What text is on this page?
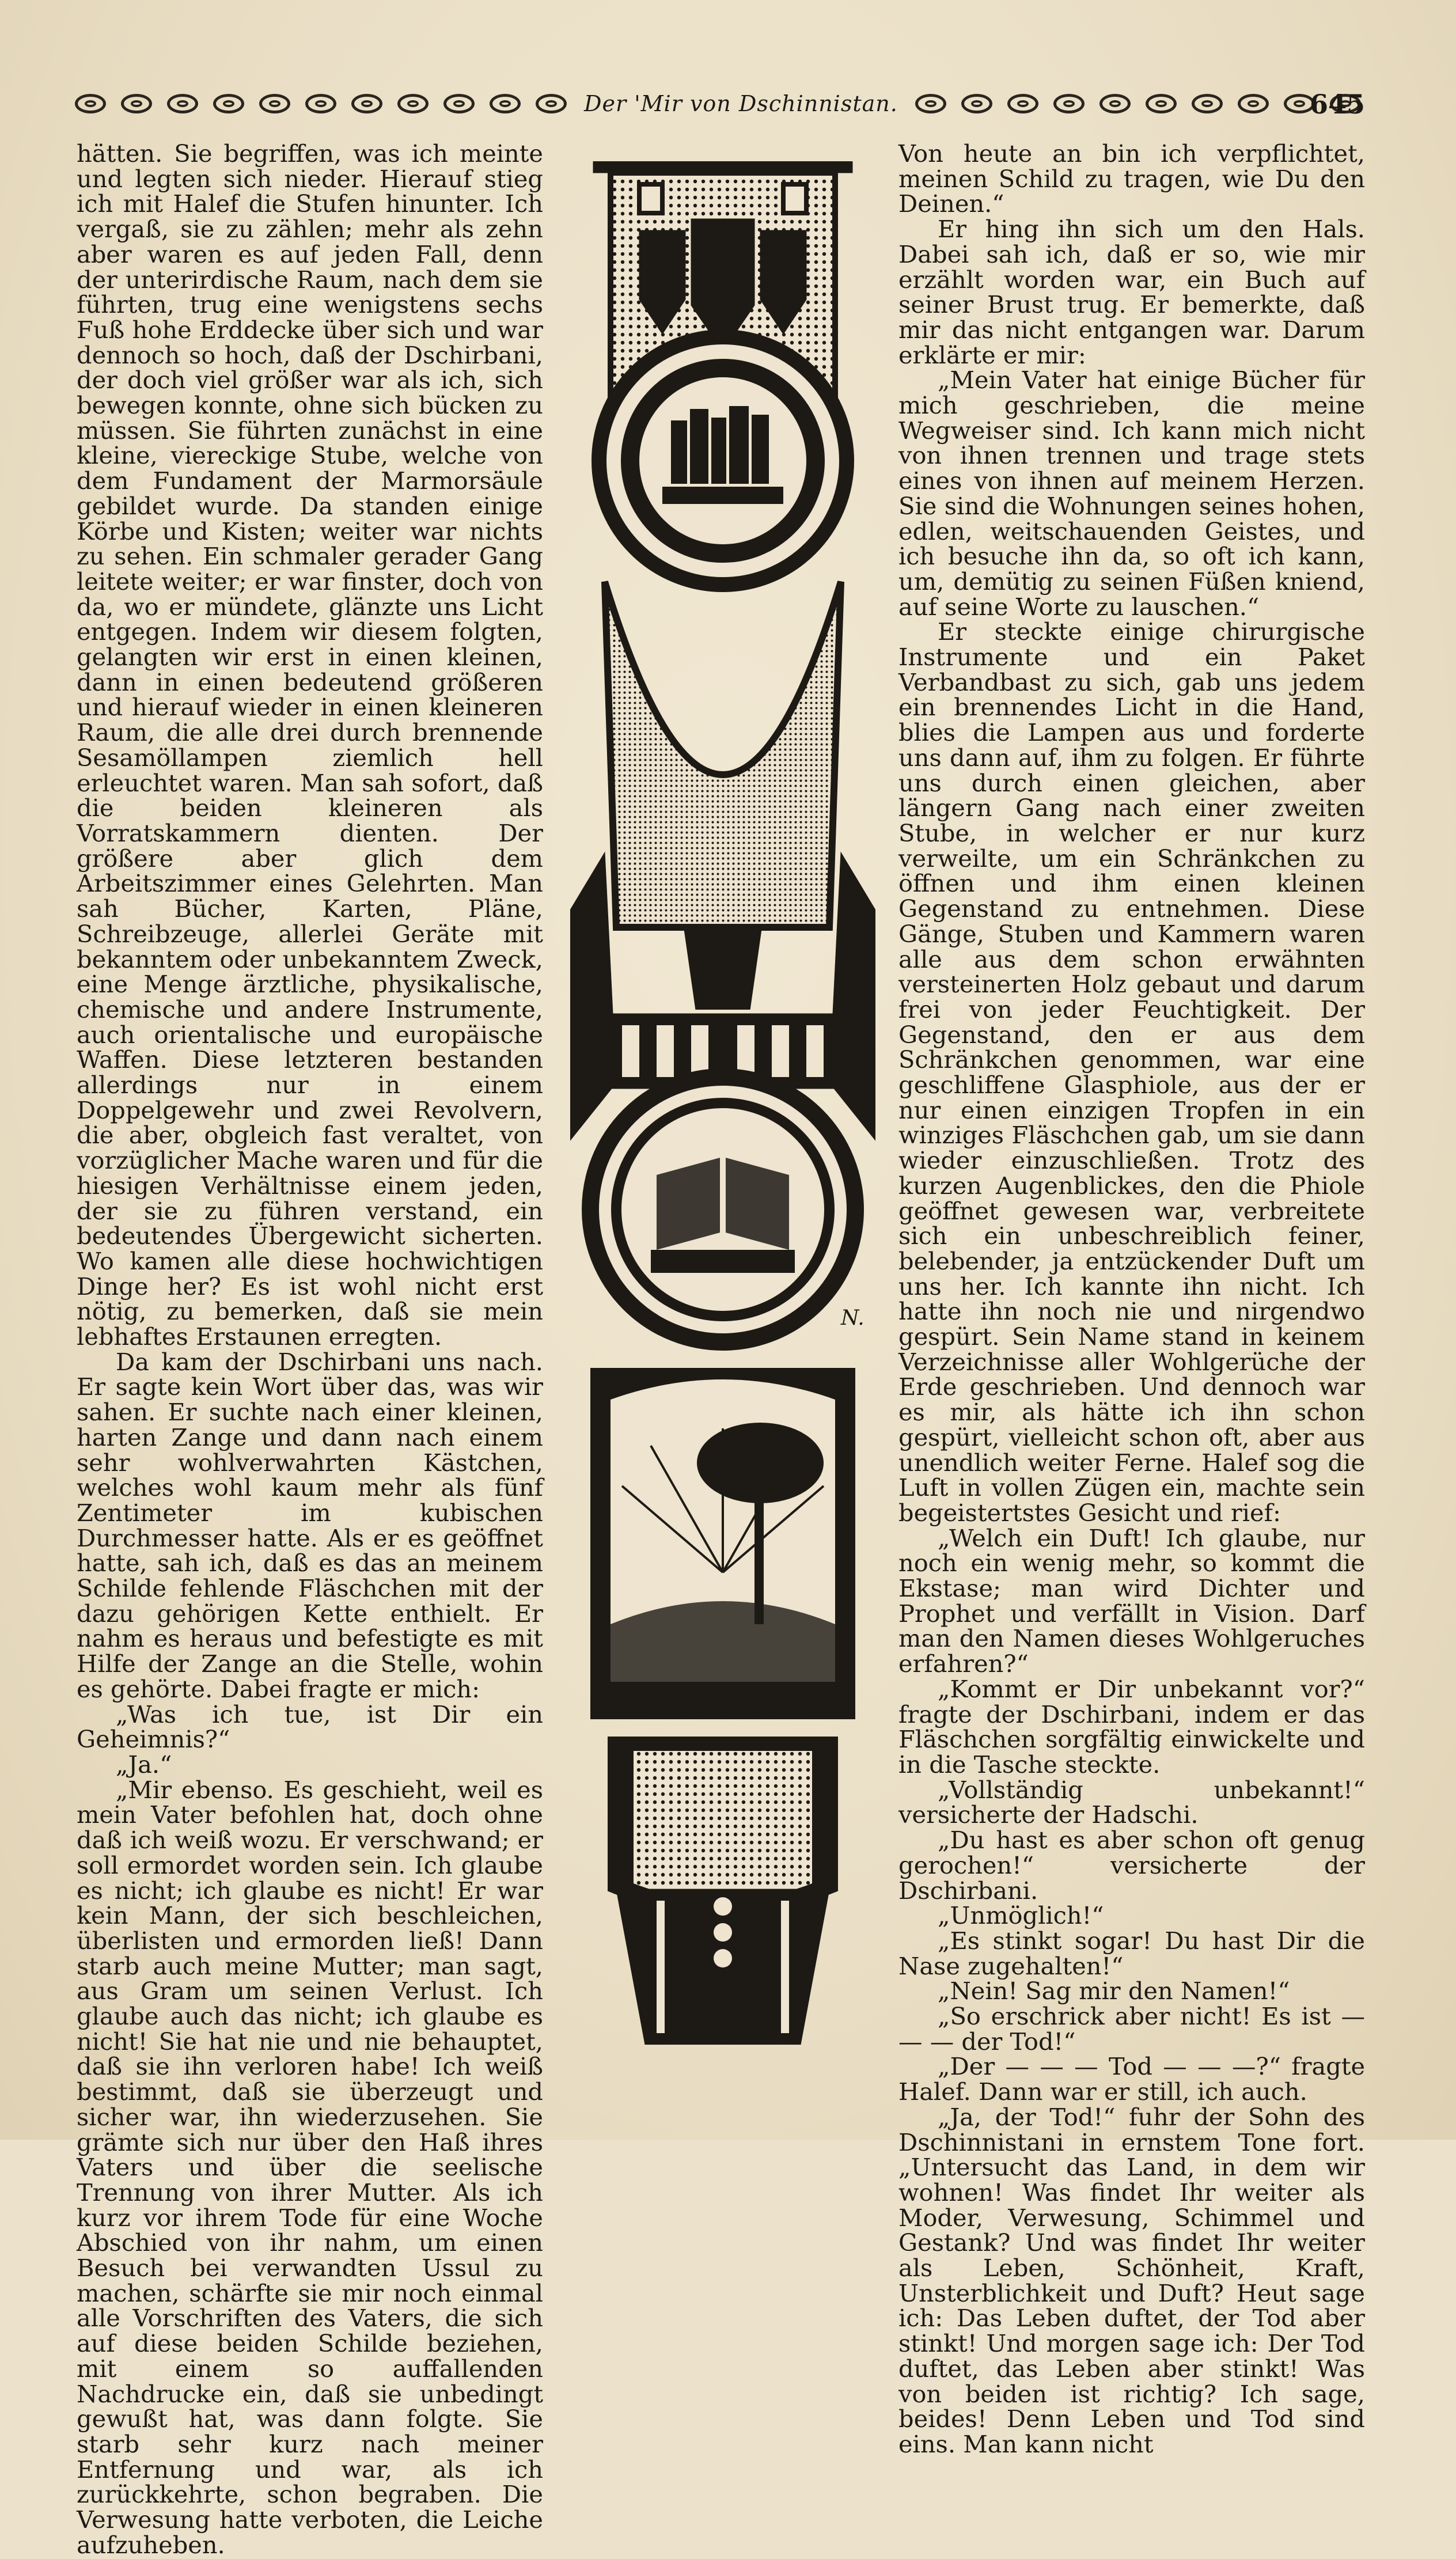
Der 'Mir von Dschinnistan.	645

hätten. Sie begriffen, was ich meinte und legten sich nieder. Hierauf stieg ich mit Halef die Stufen hinunter. Ich vergaß, sie zu zählen; mehr als zehn aber waren es auf jeden Fall, denn der unterirdische Raum, nach dem sie führten, trug eine wenigstens sechs Fuß hohe Erddecke über sich und war dennoch so hoch, daß der Dschirbani, der doch viel größer war als ich, sich bewegen konnte, ohne sich bücken zu müssen. Sie führten zunächst in eine kleine, viereckige Stube, welche von dem Fundament der Marmorsäule gebildet wurde. Da standen einige Körbe und Kisten; weiter war nichts zu sehen. Ein schmaler gerader Gang leitete weiter; er war finster, doch von da, wo er mündete, glänzte uns Licht entgegen. Indem wir diesem folgten, gelangten wir erst in einen kleinen, dann in einen bedeutend größeren und hierauf wieder in einen kleineren Raum, die alle drei durch brennende Sesamöllampen ziemlich hell erleuchtet waren. Man sah sofort, daß die beiden kleineren als Vorratskammern dienten. Der größere aber glich dem Arbeitszimmer eines Gelehrten. Man sah Bücher, Karten, Pläne, Schreibzeuge, allerlei Geräte mit bekanntem oder unbekanntem Zweck, eine Menge ärztliche, physikalische, chemische und andere Instrumente, auch orientalische und europäische Waffen. Diese letzteren bestanden allerdings nur in einem Doppelgewehr und zwei Revolvern, die aber, obgleich fast veraltet, von vorzüglicher Mache waren und für die hiesigen Verhältnisse einem jeden, der sie zu führen verstand, ein bedeutendes Übergewicht sicherten. Wo kamen alle diese hochwichtigen Dinge her? Es ist wohl nicht erst nötig, zu bemerken, daß sie mein lebhaftes Erstaunen erregten.

Da kam der Dschirbani uns nach. Er sagte kein Wort über das, was wir sahen. Er suchte nach einer kleinen, harten Zange und dann nach einem sehr wohlverwahrten Kästchen, welches wohl kaum mehr als fünf Zentimeter im kubischen Durchmesser hatte. Als er es geöffnet hatte, sah ich, daß es das an meinem Schilde fehlende Fläschchen mit der dazu gehörigen Kette enthielt. Er nahm es heraus und befestigte es mit Hilfe der Zange an die Stelle, wohin es gehörte. Dabei fragte er mich:

„Was ich tue, ist Dir ein Geheimnis?“

„Ja.“

„Mir ebenso. Es geschieht, weil es mein Vater befohlen hat, doch ohne daß ich weiß wozu. Er verschwand; er soll ermordet worden sein. Ich glaube es nicht; ich glaube es nicht! Er war kein Mann, der sich beschleichen, überlisten und ermorden ließ! Dann starb auch meine Mutter; man sagt, aus Gram um seinen Verlust. Ich glaube auch das nicht; ich glaube es nicht! Sie hat nie und nie behauptet, daß sie ihn verloren habe! Ich weiß bestimmt, daß sie überzeugt und sicher war, ihn wiederzusehen. Sie grämte sich nur über den Haß ihres Vaters und über die seelische Trennung von ihrer Mutter. Als ich kurz vor ihrem Tode für eine Woche Abschied von ihr nahm, um einen Besuch bei verwandten Ussul zu machen, schärfte sie mir noch einmal alle Vorschriften des Vaters, die sich auf diese beiden Schilde beziehen, mit einem so auffallenden Nachdrucke ein, daß sie unbedingt gewußt hat, was dann folgte. Sie starb sehr kurz nach meiner Entfernung und war, als ich zurückkehrte, schon begraben. Die Verwesung hatte verboten, die Leiche aufzuheben.

N.

Von heute an bin ich verpflichtet, meinen Schild zu tragen, wie Du den Deinen.“

Er hing ihn sich um den Hals. Dabei sah ich, daß er so, wie mir erzählt worden war, ein Buch auf seiner Brust trug. Er bemerkte, daß mir das nicht entgangen war. Darum erklärte er mir:

„Mein Vater hat einige Bücher für mich geschrieben, die meine Wegweiser sind. Ich kann mich nicht von ihnen trennen und trage stets eines von ihnen auf meinem Herzen. Sie sind die Wohnungen seines hohen, edlen, weitschauenden Geistes, und ich besuche ihn da, so oft ich kann, um, demütig zu seinen Füßen kniend, auf seine Worte zu lauschen.“

Er steckte einige chirurgische Instrumente und ein Paket Verbandbast zu sich, gab uns jedem ein brennendes Licht in die Hand, blies die Lampen aus und forderte uns dann auf, ihm zu folgen. Er führte uns durch einen gleichen, aber längern Gang nach einer zweiten Stube, in welcher er nur kurz verweilte, um ein Schränkchen zu öffnen und ihm einen kleinen Gegenstand zu entnehmen. Diese Gänge, Stuben und Kammern waren alle aus dem schon erwähnten versteinerten Holz gebaut und darum frei von jeder Feuchtigkeit. Der Gegenstand, den er aus dem Schränkchen genommen, war eine geschliffene Glasphiole, aus der er nur einen einzigen Tropfen in ein winziges Fläschchen gab, um sie dann wieder einzuschließen. Trotz des kurzen Augenblickes, den die Phiole geöffnet gewesen war, verbreitete sich ein unbeschreiblich feiner, belebender, ja entzückender Duft um uns her. Ich kannte ihn nicht. Ich hatte ihn noch nie und nirgendwo gespürt. Sein Name stand in keinem Verzeichnisse aller Wohlgerüche der Erde geschrieben. Und dennoch war es mir, als hätte ich ihn schon gespürt, vielleicht schon oft, aber aus unendlich weiter Ferne. Halef sog die Luft in vollen Zügen ein, machte sein begeistertstes Gesicht und rief:

„Welch ein Duft! Ich glaube, nur noch ein wenig mehr, so kommt die Ekstase; man wird Dichter und Prophet und verfällt in Vision. Darf man den Namen dieses Wohlgeruches erfahren?“

„Kommt er Dir unbekannt vor?“ fragte der Dschirbani, indem er das Fläschchen sorgfältig einwickelte und in die Tasche steckte.

„Vollständig unbekannt!“ versicherte der Hadschi.

„Du hast es aber schon oft genug gerochen!“ versicherte der Dschirbani.

„Unmöglich!“

„Es stinkt sogar! Du hast Dir die Nase zugehalten!“

„Nein! Sag mir den Namen!“

„So erschrick aber nicht! Es ist — — — der Tod!“

„Der — — — Tod — — —?“ fragte Halef. Dann war er still, ich auch.

„Ja, der Tod!“ fuhr der Sohn des Dschinnistani in ernstem Tone fort. „Untersucht das Land, in dem wir wohnen! Was findet Ihr weiter als Moder, Verwesung, Schimmel und Gestank? Und was findet Ihr weiter als Leben, Schönheit, Kraft, Unsterblichkeit und Duft? Heut sage ich: Das Leben duftet, der Tod aber stinkt! Und morgen sage ich: Der Tod duftet, das Leben aber stinkt! Was von beiden ist richtig? Ich sage, beides! Denn Leben und Tod sind eins. Man kann nicht
